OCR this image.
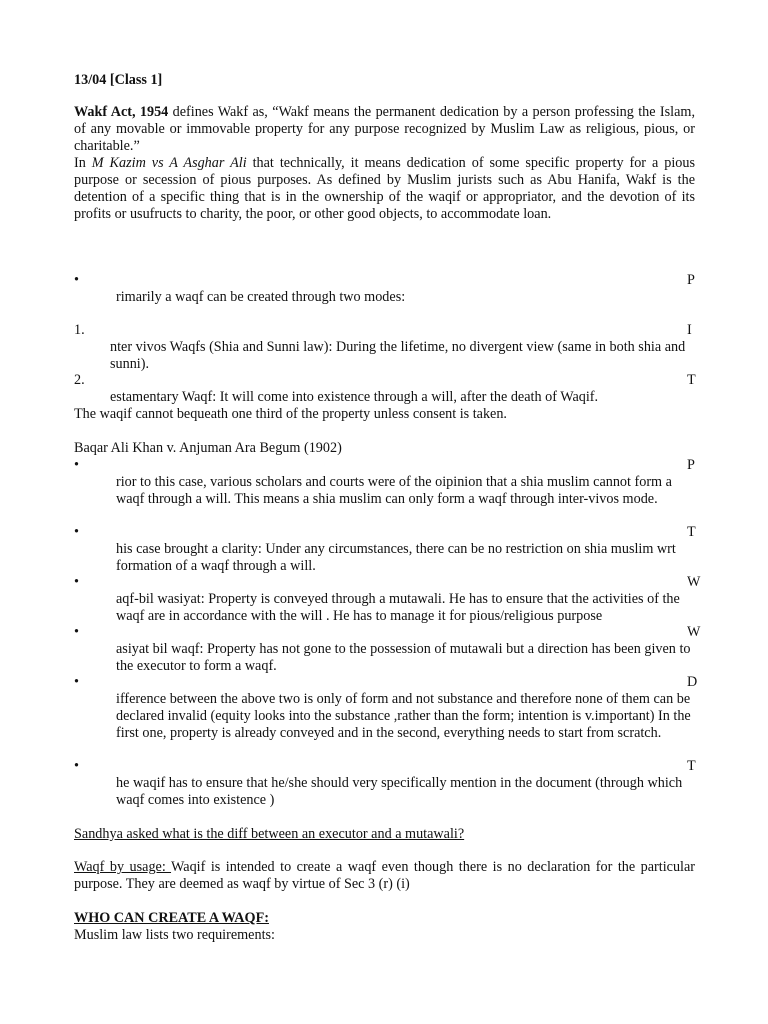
13/04 [Class 1]
Wakf Act, 1954 defines Wakf as, “Wakf means the permanent dedication by a person professing the Islam, of any movable or immovable property for any purpose recognized by Muslim Law as religious, pious, or charitable.”
In M Kazim vs A Asghar Ali that technically, it means dedication of some specific property for a pious purpose or secession of pious purposes. As defined by Muslim jurists such as Abu Hanifa, Wakf is the detention of a specific thing that is in the ownership of the waqif or appropriator, and the devotion of its profits or usufructs to charity, the poor, or other good objects, to accommodate loan.
•	P
rimarily a waqf can be created through two modes:
1.	I
nter vivos Waqfs (Shia and Sunni law): During the lifetime, no divergent view (same in both shia and sunni).
2.	T
estamentary Waqf: It will come into existence through a will, after the death of Waqif.
The waqif cannot bequeath one third of the property unless consent is taken.
Baqar Ali Khan v. Anjuman Ara Begum (1902)
•	P
rior to this case, various scholars and courts were of the oipinion that a shia muslim cannot form a waqf through a will. This means a shia muslim can only form a waqf through inter-vivos mode.
•	T
his case brought a clarity: Under any circumstances, there can be no restriction on shia muslim wrt formation of a waqf through a will.
•	W
aqf-bil wasiyat: Property is conveyed through a mutawali. He has to ensure that the activities of the waqf are in accordance with the will . He has to manage it for pious/religious purpose
•	W
asiyat bil waqf: Property has not gone to the possession of mutawali but a direction has been given to the executor to form a waqf.
•	D
ifference between the above two is only of form and not substance and therefore none of them can be declared invalid (equity looks into the substance ,rather than the form; intention is v.important) In the first one, property is already conveyed and in the second, everything needs to start from scratch.
•	T
he waqif has to ensure that he/she should very specifically mention in the document (through which waqf comes into existence )
Sandhya asked what is the diff between an executor and a mutawali?
Waqf by usage: Waqif is intended to create a waqf even though there is no declaration for the particular purpose. They are deemed as waqf by virtue of Sec 3 (r) (i)
WHO CAN CREATE A WAQF:
Muslim law lists two requirements:
